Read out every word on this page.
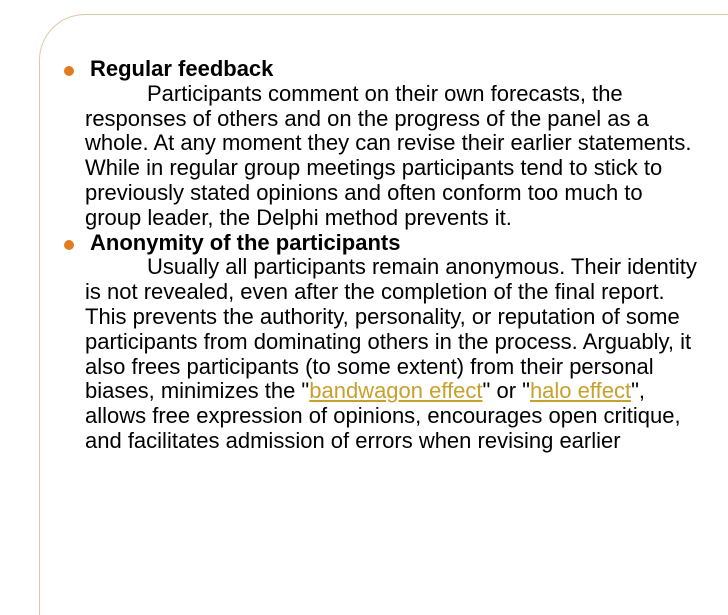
Regular feedback
Participants comment on their own forecasts, the responses of others and on the progress of the panel as a whole. At any moment they can revise their earlier statements. While in regular group meetings participants tend to stick to previously stated opinions and often conform too much to group leader, the Delphi method prevents it.
Anonymity of the participants
Usually all participants remain anonymous. Their identity is not revealed, even after the completion of the final report. This prevents the authority, personality, or reputation of some participants from dominating others in the process. Arguably, it also frees participants (to some extent) from their personal biases, minimizes the "bandwagon effect" or "halo effect", allows free expression of opinions, encourages open critique, and facilitates admission of errors when revising earlier
